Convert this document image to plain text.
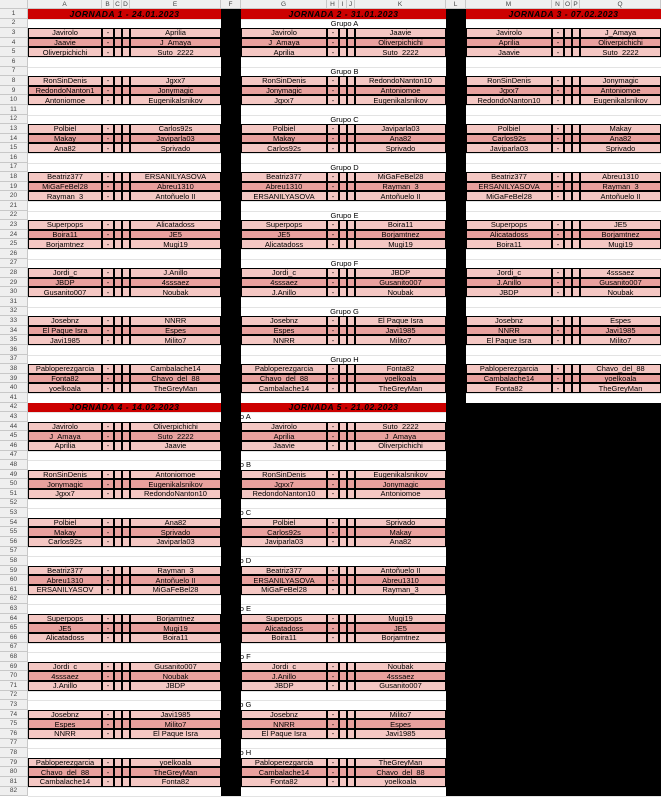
A	B C D	E	F	G	H	I J	K	L	M	N O P	Q
1
2
3
4
5
6
7
8
9
10
11
12
13
14
15
16
17
18
19
20
21
22
23
24
25
26
27
28
29
30
31
32
33
34
35
36
37
38
39
40
41
42
43
44
45
46
47
48
49
50
51
52
53
54
55
56
57
58
59
60
61
62
63
64
65
66
67
68
69
70
71
72
73
74
75
76
77
78
79
80
81
82
JORNADA 1 - 24.01.2023	JORNADA 2 - 31.01.2023	JORNADA 3 - 07.02.2023
Grupo A
Javirolo	-	Aprilia	Javirolo	-	Jaavie	Javirolo	-	J_Amaya
Jaavie	-	J_Amaya	J_Amaya	-	Oliverpichichi	Aprilia	-	Oliverpichichi
Oliverpichichi	-	Suto_2222	Aprilia	-	Suto_2222	Jaavie	-	Suto_2222
Grupo B
RonSinDenis	-	Jgxx7	RonSinDenis	-	RedondoNanton10	RonSinDenis	-	Jonymagic
RedondoNanton1	-	Jonymagic	Jonymagic	-	Antoniomoe	Jgxx7	-	Antoniomoe
Antoniomoe	-	Eugenikalsnikov	Jgxx7	-	Eugenikalsnikov	RedondoNanton10	-	Eugenikalsnikov
Grupo C
Polbiel	-	Carlos92s	Polbiel	-	Javiparla03	Polbiel	-	Makay
Makay	-	Javiparla03	Makay	-	Ana82	Carlos92s	-	Ana82
Ana82	-	Sprivado	Carlos92s	-	Sprivado	Javiparla03	-	Sprivado
Grupo D
Beatriz377	-	ERSANILYASOVA	Beatriz377	-	MiGaFeBel28	Beatriz377	-	Abreu1310
MiGaFeBel28	-	Abreu1310	Abreu1310	-	Rayman_3	ERSANILYASOVA	-	Rayman_3
Rayman_3	-	Antoñuelo II	ERSANILYASOVA	-	Antoñuelo II	MiGaFeBel28	-	Antoñuelo II
Grupo E
Superpops	-	Alicatadoss	Superpops	-	Boira11	Superpops	-	JE5
Boira11	-	JE5	JE5	-	Borjamtnez	Alicatadoss	-	Borjamtnez
Borjamtnez	-	Mugi19	Alicatadoss	-	Mugi19	Boira11	-	Mugi19
Grupo F
Jordi_c	-	J.Anillo	Jordi_c	-	JBDP	Jordi_c	-	4sssaez
JBDP	-	4sssaez	4sssaez	-	Gusanito007	J.Anillo	-	Gusanito007
Gusanito007	-	Noubak	J.Anillo	-	Noubak	JBDP	-	Noubak
Grupo G
Josebnz	-	NNRR	Josebnz	-	El Paque Isra	Josebnz	-	Espes
El Paque Isra	-	Espes	Espes	-	Javi1985	NNRR	-	Javi1985
Javi1985	-	Milito7	NNRR	-	Milito7	El Paque Isra	-	Milito7
Grupo H
Pabloperezgarcia	-	Cambalache14	Pabloperezgarcia	-	Fonta82	Pabloperezgarcia	-	Chavo_del_88
Fonta82	-	Chavo_del_88	Chavo_del_88	-	yoelkoala	Cambalache14	-	yoelkoala
yoelkoala	-	TheGreyMan	Cambalache14	-	TheGreyMan	Fonta82	-	TheGreyMan
JORNADA 4 - 14.02.2023	JORNADA 5 - 21.02.2023
Grupo A
Javirolo	-	Oliverpichichi	Javirolo	-	Suto_2222
J_Amaya	-	Suto_2222	Aprilia	-	J_Amaya
Aprilia	-	Jaavie	Jaavie	-	Oliverpichichi
Grupo B
RonSinDenis	-	Antoniomoe	RonSinDenis	-	Eugenikalsnikov
Jonymagic	-	Eugenikalsnikov	Jgxx7	-	Jonymagic
Jgxx7	-	RedondoNanton10	RedondoNanton10	-	Antoniomoe
Grupo C
Polbiel	-	Ana82	Polbiel	-	Sprivado
Makay	-	Sprivado	Carlos92s	-	Makay
Carlos92s	-	Javiparla03	Javiparla03	-	Ana82
Grupo D
Beatriz377	-	Rayman_3	Beatriz377	-	Antoñuelo II
Abreu1310	-	Antoñuelo II	ERSANILYASOVA	-	Abreu1310
ERSANILYASOV	-	MiGaFeBel28	MiGaFeBel28	-	Rayman_3
Grupo E
Superpops	-	Borjamtnez	Superpops	-	Mugi19
JE5	-	Mugi19	Alicatadoss	-	JE5
Alicatadoss	-	Boira11	Boira11	-	Borjamtnez
Grupo F
Jordi_c	-	Gusanito007	Jordi_c	-	Noubak
4sssaez	-	Noubak	J.Anillo	-	4sssaez
J.Anillo	-	JBDP	JBDP	-	Gusanito007
Grupo G
Josebnz	-	Javi1985	Josebnz	-	Milito7
Espes	-	Milito7	NNRR	-	Espes
NNRR	-	El Paque Isra	El Paque Isra	-	Javi1985
Grupo H
Pabloperezgarcia	-	yoelkoala	Pabloperezgarcia	-	TheGreyMan
Chavo_del_88	-	TheGreyMan	Cambalache14	-	Chavo_del_88
Cambalache14	-	Fonta82	Fonta82	-	yoelkoala
